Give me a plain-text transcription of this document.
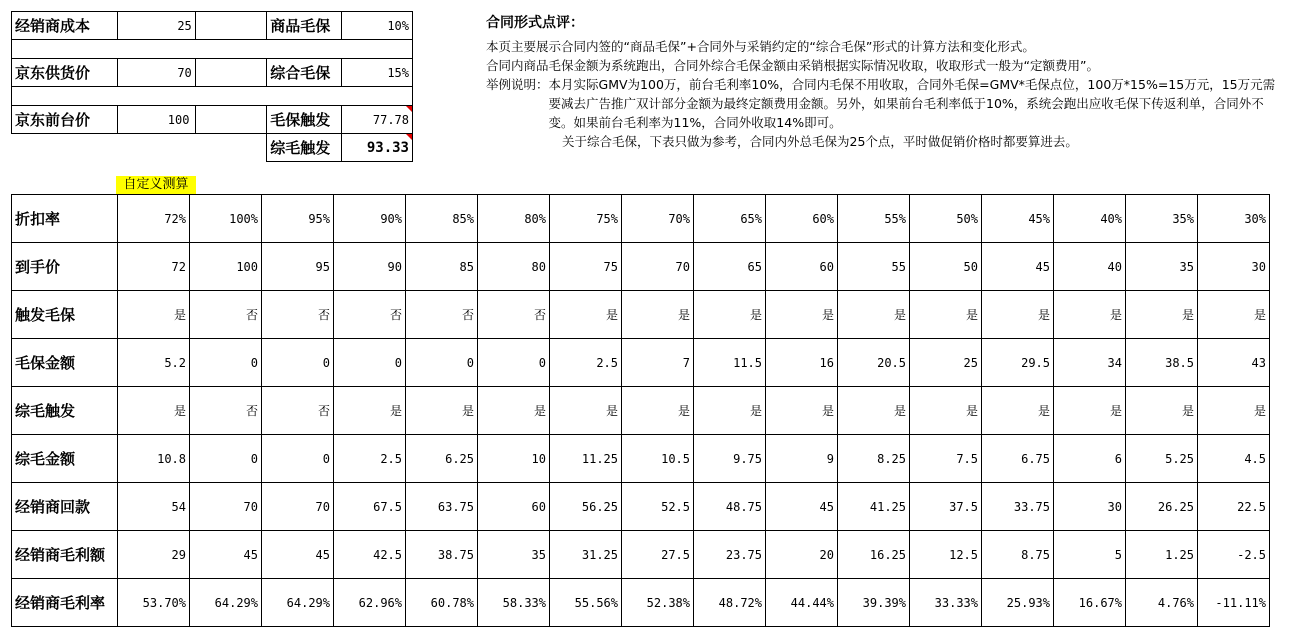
经销商成本	25		商品毛保	10%

京东供货价	70		综合毛保	15%

京东前台价	100		毛保触发	77.78
			综毛触发	93.33
合同形式点评：

本页主要展示合同内签的“商品毛保”+合同外与采销约定的“综合毛保”形式的计算方法和变化形式。

合同内商品毛保金额为系统跑出，合同外综合毛保金额由采销根据实际情况收取，收取形式一般为“定额费用”。

举例说明： 本月实际GMV为100万，前台毛利率10%，合同内毛保不用收取，合同外毛保=GMV*毛保点位，100万*15%=15万元，15万元需要减去广告推广双计部分金额为最终定额费用金额。另外，如果前台毛利率低于10%，系统会跑出应收毛保下传返利单，合同外不变。如果前台毛利率为11%，合同外收取14%即可。

关于综合毛保，下表只做为参考，合同内外总毛保为25个点，平时做促销价格时都要算进去。

自定义测算
折扣率	72%	100%	95%	90%	85%	80%	75%	70%	65%	60%	55%	50%	45%	40%	35%	30%
到手价	72	100	95	90	85	80	75	70	65	60	55	50	45	40	35	30
触发毛保	是	否	否	否	否	否	是	是	是	是	是	是	是	是	是	是
毛保金额	5.2	0	0	0	0	0	2.5	7	11.5	16	20.5	25	29.5	34	38.5	43
综毛触发	是	否	否	是	是	是	是	是	是	是	是	是	是	是	是	是
综毛金额	10.8	0	0	2.5	6.25	10	11.25	10.5	9.75	9	8.25	7.5	6.75	6	5.25	4.5
经销商回款	54	70	70	67.5	63.75	60	56.25	52.5	48.75	45	41.25	37.5	33.75	30	26.25	22.5
经销商毛利额	29	45	45	42.5	38.75	35	31.25	27.5	23.75	20	16.25	12.5	8.75	5	1.25	-2.5
经销商毛利率	53.70%	64.29%	64.29%	62.96%	60.78%	58.33%	55.56%	52.38%	48.72%	44.44%	39.39%	33.33%	25.93%	16.67%	4.76%	-11.11%
